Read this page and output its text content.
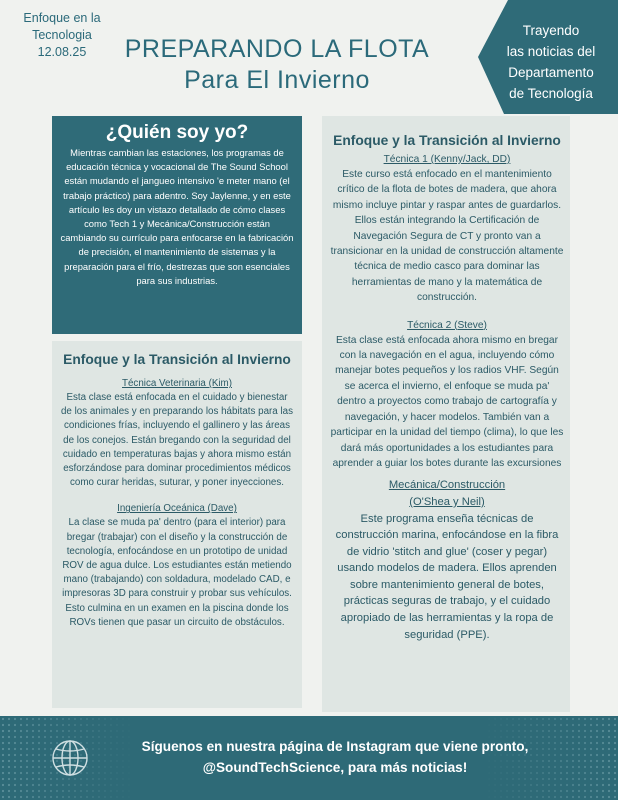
Enfoque en la
Tecnologia
12.08.25	PREPARANDO LA FLOTA
Para El Invierno
Trayendo
las noticias del
Departamento
de Tecnología
¿Quién soy yo?

Mientras cambian las estaciones, los programas de educación técnica y vocacional de The Sound School están mudando el jangueo intensivo 'e meter mano (el trabajo práctico) para adentro. Soy Jaylenne, y en este artículo les doy un vistazo detallado de cómo clases como Tech 1 y Mecánica/Construcción están cambiando su currículo para enfocarse en la fabricación de precisión, el mantenimiento de sistemas y la preparación para el frío, destrezas que son esenciales para sus industrias.

Enfoque y la Transición al Invierno
Técnica Veterinaria (Kim)
Esta clase está enfocada en el cuidado y bienestar de los animales y en preparando los hábitats para las condiciones frías, incluyendo el gallinero y las áreas de los conejos. Están bregando con la seguridad del cuidado en temperaturas bajas y ahora mismo están esforzándose para dominar procedimientos médicos como curar heridas, suturar, y poner inyecciones.
Ingeniería Oceánica (Dave)
La clase se muda pa' dentro (para el interior) para bregar (trabajar) con el diseño y la construcción de tecnología, enfocándose en un prototipo de unidad ROV de agua dulce. Los estudiantes están metiendo mano (trabajando) con soldadura, modelado CAD, e impresoras 3D para construir y probar sus vehículos. Esto culmina en un examen en la piscina donde los ROVs tienen que pasar un circuito de obstáculos.
Enfoque y la Transición al Invierno
Técnica 1 (Kenny/Jack, DD)
Este curso está enfocado en el mantenimiento crítico de la flota de botes de madera, que ahora mismo incluye pintar y raspar antes de guardarlos. Ellos están integrando la Certificación de Navegación Segura de CT y pronto van a transicionar en la unidad de construcción altamente técnica de medio casco para dominar las herramientas de mano y la matemática de construcción.
Técnica 2 (Steve)
Esta clase está enfocada ahora mismo en bregar con la navegación en el agua, incluyendo cómo manejar botes pequeños y los radios VHF. Según se acerca el invierno, el enfoque se muda pa' dentro a proyectos como trabajo de cartografía y navegación, y hacer modelos. También van a participar en la unidad del tiempo (clima), lo que les dará más oportunidades a los estudiantes para aprender a guiar los botes durante las excursiones
Mecánica/Construcción
(O'Shea y Neil)
Este programa enseña técnicas de construcción marina, enfocándose en la fibra de vidrio 'stitch and glue' (coser y pegar) usando modelos de madera. Ellos aprenden sobre mantenimiento general de botes, prácticas seguras de trabajo, y el cuidado apropiado de las herramientas y la ropa de seguridad (PPE).
Síguenos en nuestra página de Instagram que viene pronto,
@SoundTechScience, para más noticias!
